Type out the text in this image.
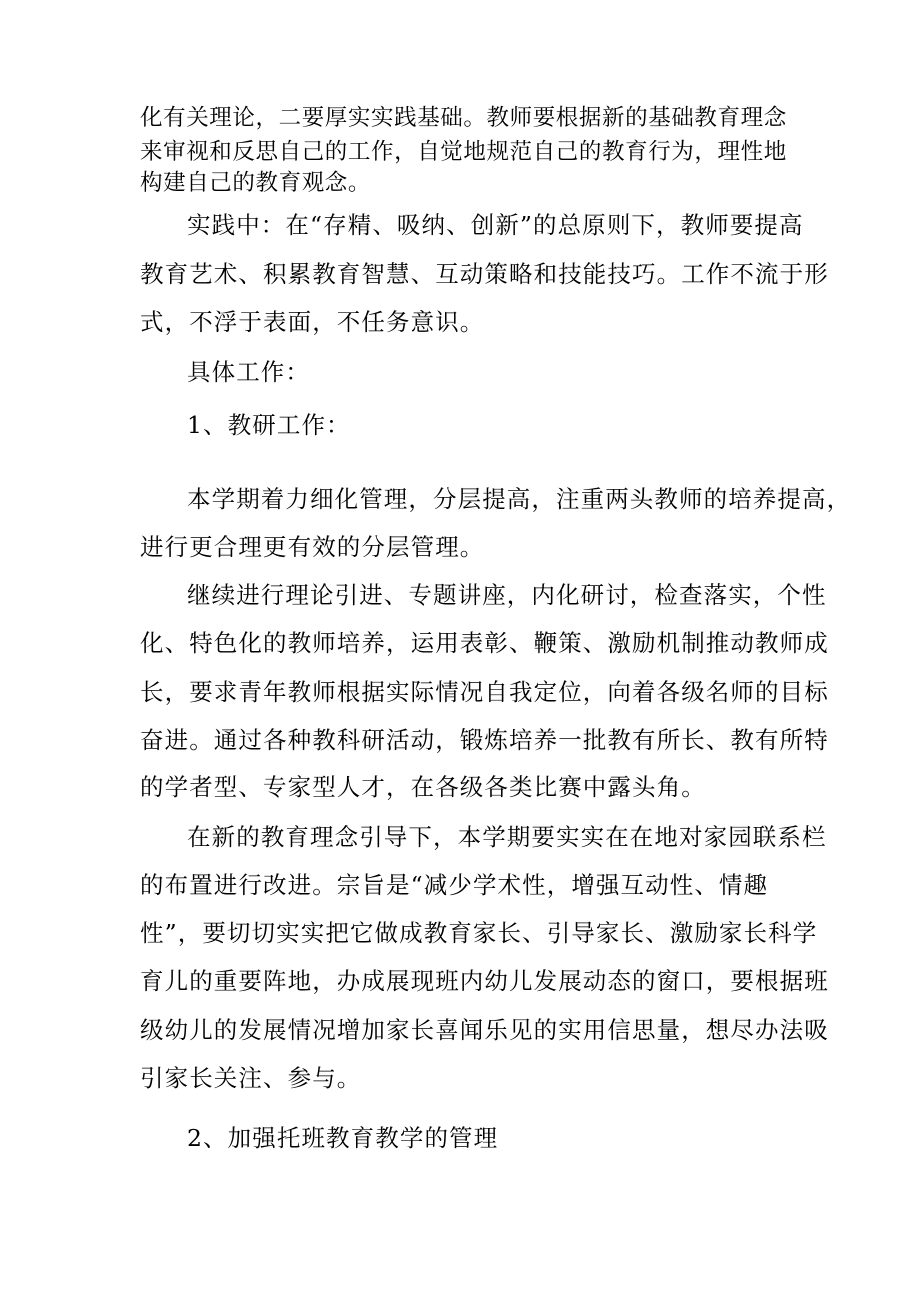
化有关理论，二要厚实实践基础。教师要根据新的基础教育理念
来审视和反思自己的工作，自觉地规范自己的教育行为，理性地
构建自己的教育观念。
实践中：在“存精、吸纳、创新”的总原则下，教师要提高
教育艺术、积累教育智慧、互动策略和技能技巧。工作不流于形
式，不浮于表面，不任务意识。
具体工作：
1、教研工作：
本学期着力细化管理，分层提高，注重两头教师的培养提高，
进行更合理更有效的分层管理。
继续进行理论引进、专题讲座，内化研讨，检查落实，个性
化、特色化的教师培养，运用表彰、鞭策、激励机制推动教师成
长，要求青年教师根据实际情况自我定位，向着各级名师的目标
奋进。通过各种教科研活动，锻炼培养一批教有所长、教有所特
的学者型、专家型人才，在各级各类比赛中露头角。
在新的教育理念引导下，本学期要实实在在地对家园联系栏
的布置进行改进。宗旨是“减少学术性，增强互动性、情趣
性”，要切切实实把它做成教育家长、引导家长、激励家长科学
育儿的重要阵地，办成展现班内幼儿发展动态的窗口，要根据班
级幼儿的发展情况增加家长喜闻乐见的实用信思量，想尽办法吸
引家长关注、参与。
2、加强托班教育教学的管理
